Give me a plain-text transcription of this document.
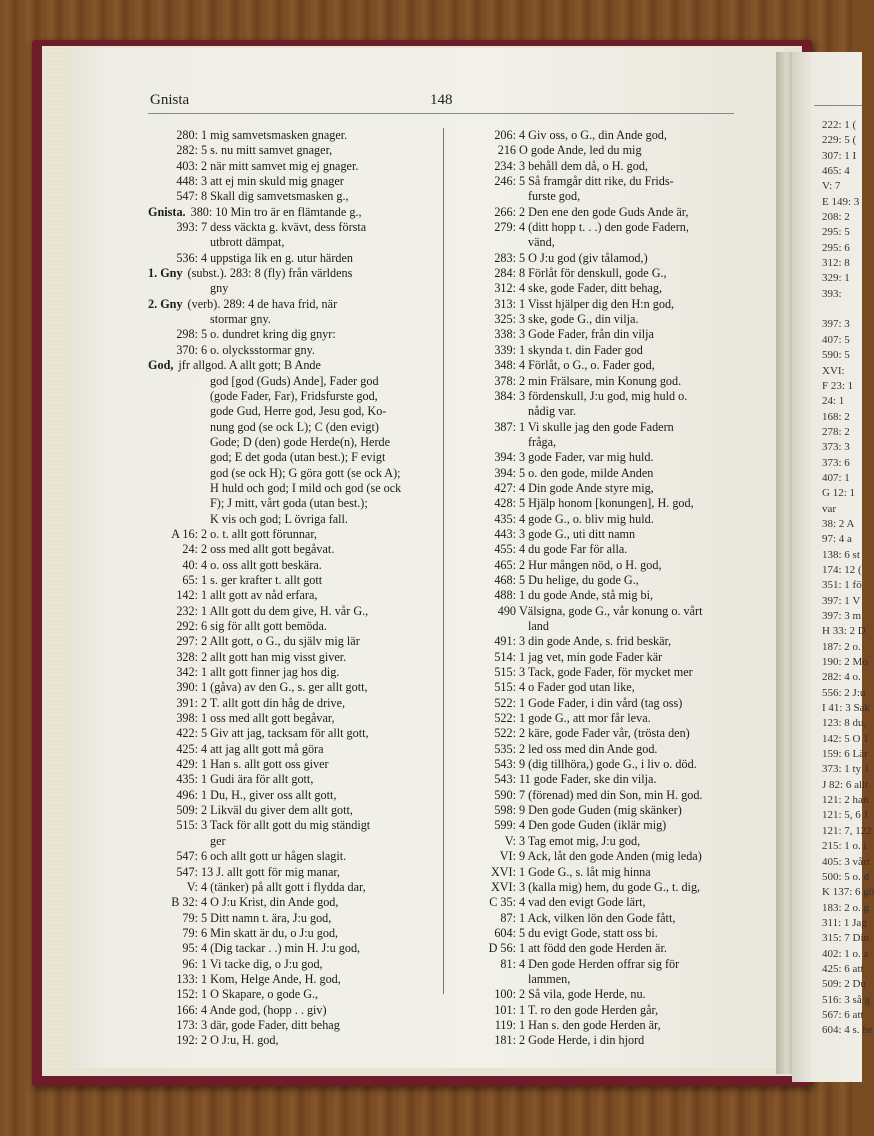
Gnista	148
280: 1 mig samvetsmasken gnager.
282: 5 s. nu mitt samvet gnager,
403: 2 när mitt samvet mig ej gnager.
448: 3 att ej min skuld mig gnager
547: 8 Skall dig samvetsmasken g.,
Gnista. 380: 10 Min tro är en flämtande g.,
393: 7 dess väckta g. kvävt, dess första
utbrott dämpat,
536: 4 uppstiga lik en g. utur härden
1. Gny (subst.). 283: 8 (fly) från världens
gny
2. Gny (verb). 289: 4 de hava frid, när
stormar gny.
298: 5 o. dundret kring dig gnyr:
370: 6 o. olycksstormar gny.
God, jfr allgod. A allt gott; B Ande
god [god (Guds) Ande], Fader god
(gode Fader, Far), Fridsfurste god,
gode Gud, Herre god, Jesu god, Ko-
nung god (se ock L); C (den evigt)
Gode; D (den) gode Herde(n), Herde
god; E det goda (utan best.); F evigt
god (se ock H); G göra gott (se ock A);
H huld och god; I mild och god (se ock
F); J mitt, vårt goda (utan best.);
K vis och god; L övriga fall.
A 16: 2 o. t. allt gott förunnar,
24: 2 oss med allt gott begåvat.
40: 4 o. oss allt gott beskära.
65: 1 s. ger krafter t. allt gott
142: 1 allt gott av nåd erfara,
232: 1 Allt gott du dem give, H. vår G.,
292: 6 sig för allt gott bemöda.
297: 2 Allt gott, o G., du själv mig lär
328: 2 allt gott han mig visst giver.
342: 1 allt gott finner jag hos dig.
390: 1 (gåva) av den G., s. ger allt gott,
391: 2 T. allt gott din håg de drive,
398: 1 oss med allt gott begåvar,
422: 5 Giv att jag, tacksam för allt gott,
425: 4 att jag allt gott må göra
429: 1 Han s. allt gott oss giver
435: 1 Gudi ära för allt gott,
496: 1 Du, H., giver oss allt gott,
509: 2 Likväl du giver dem allt gott,
515: 3 Tack för allt gott du mig ständigt
ger
547: 6 och allt gott ur hågen slagit.
547: 13 J. allt gott för mig manar,
V: 4 (tänker) på allt gott i flydda dar,
B 32: 4 O J:u Krist, din Ande god,
79: 5 Ditt namn t. ära, J:u god,
79: 6 Min skatt är du, o J:u god,
95: 4 (Dig tackar . .) min H. J:u god,
96: 1 Vi tacke dig, o J:u god,
133: 1 Kom, Helge Ande, H. god,
152: 1 O Skapare, o gode G.,
166: 4 Ande god, (hopp . . giv)
173: 3 där, gode Fader, ditt behag
192: 2 O J:u, H. god,
206: 4 Giv oss, o G., din Ande god,
216 O gode Ande, led du mig
234: 3 behåll dem då, o H. god,
246: 5 Så framgår ditt rike, du Frids-
furste god,
266: 2 Den ene den gode Guds Ande är,
279: 4 (ditt hopp t. . .) den gode Fadern,
vänd,
283: 5 O J:u god (giv tålamod,)
284: 8 Förlåt för denskull, gode G.,
312: 4 ske, gode Fader, ditt behag,
313: 1 Visst hjälper dig den H:n god,
325: 3 ske, gode G., din vilja.
338: 3 Gode Fader, från din vilja
339: 1 skynda t. din Fader god
348: 4 Förlåt, o G., o. Fader god,
378: 2 min Frälsare, min Konung god.
384: 3 fördenskull, J:u god, mig huld o.
nådig var.
387: 1 Vi skulle jag den gode Fadern
fråga,
394: 3 gode Fader, var mig huld.
394: 5 o. den gode, milde Anden
427: 4 Din gode Ande styre mig,
428: 5 Hjälp honom [konungen], H. god,
435: 4 gode G., o. bliv mig huld.
443: 3 gode G., uti ditt namn
455: 4 du gode Far för alla.
465: 2 Hur mången nöd, o H. god,
468: 5 Du helige, du gode G.,
488: 1 du gode Ande, stå mig bi,
490 Välsigna, gode G., vår konung o. vårt
land
491: 3 din gode Ande, s. frid beskär,
514: 1 jag vet, min gode Fader kär
515: 3 Tack, gode Fader, för mycket mer
515: 4 o Fader god utan like,
522: 1 Gode Fader, i din vård (tag oss)
522: 1 gode G., att mor får leva.
522: 2 käre, gode Fader vår, (trösta den)
535: 2 led oss med din Ande god.
543: 9 (dig tillhöra,) gode G., i liv o. död.
543: 11 gode Fader, ske din vilja.
590: 7 (förenad) med din Son, min H. god.
598: 9 Den gode Guden (mig skänker)
599: 4 Den gode Guden (iklär mig)
V: 3 Tag emot mig, J:u god,
VI: 9 Ack, låt den gode Anden (mig leda)
XVI: 1 Gode G., s. låt mig hinna
XVI: 3 (kalla mig) hem, du gode G., t. dig,
C 35: 4 vad den evigt Gode lärt,
87: 1 Ack, vilken lön den Gode fått,
604: 5 du evigt Gode, statt oss bi.
D 56: 1 att född den gode Herden är.
81: 4 Den gode Herden offrar sig för
lammen,
100: 2 Så vila, gode Herde, nu.
101: 1 T. ro den gode Herden går,
119: 1 Han s. den gode Herden är,
181: 2 Gode Herde, i din hjord
222: 1 (
229: 5 (
307: 1 I
465: 4
V: 7
E 149: 3
208: 2
295: 5
295: 6
312: 8
329: 1
393:

397: 3
407: 5
590: 5
XVI:
F 23: 1
24: 1
168: 2
278: 2
373: 3
373: 6
407: 1
G 12: 1
var
38: 2 A
97: 4 a
138: 6 st
174: 12 (
351: 1 fö
397: 1 V
397: 3 m
H 33: 2 D
187: 2 o.
190: 2 Mo
282: 4 o.
556: 2 J:u
I 41: 3 Sak
123: 8 du,
142: 5 O 1
159: 6 Lär
373: 1 ty 1
J 82: 6 allt
121: 2 han
121: 5, 6 J
121: 7, 122
215: 1 o. i
405: 3 vårt
500: 5 o. d
K 137: 6 gö
183: 2 o. g
311: 1 Jag
315: 7 Din
402: 1 o. a
425: 6 att
509: 2 Du
516: 3 så g
567: 6 att
604: 4 s. he
